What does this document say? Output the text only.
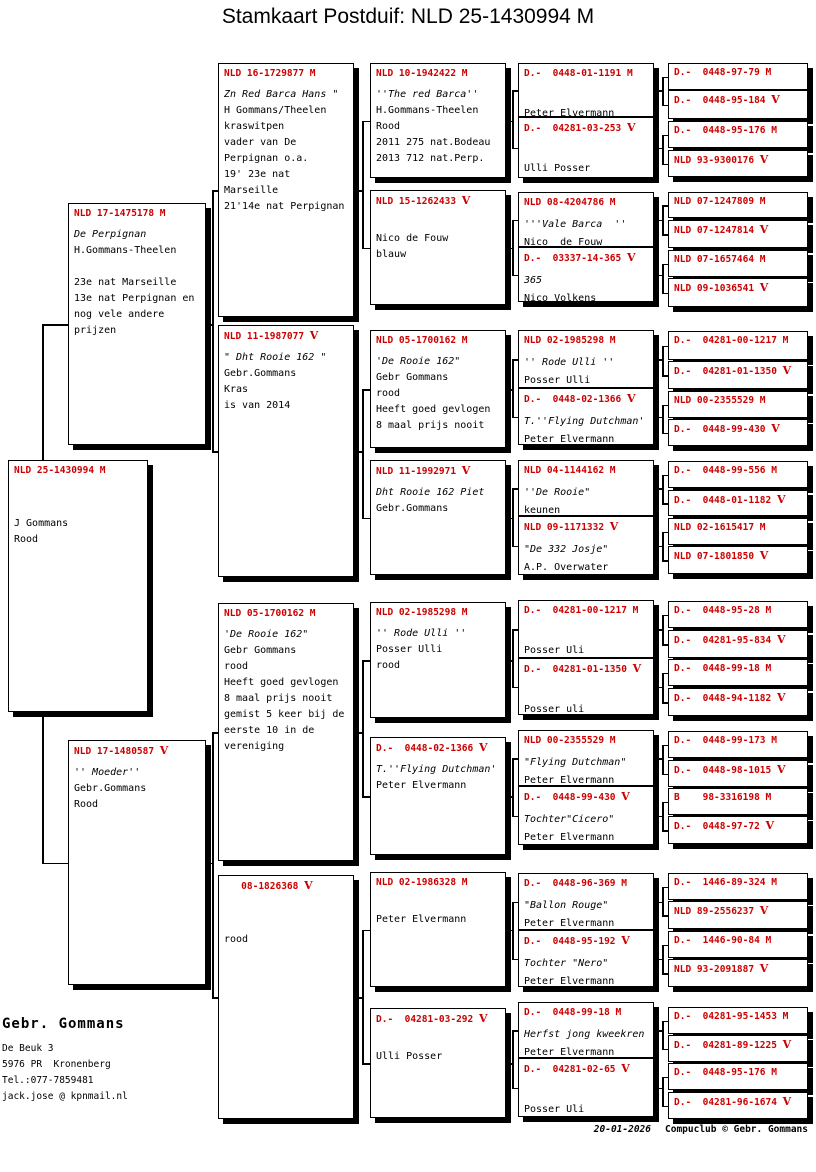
Stamkaart Postduif: NLD 25-1430994 M
NLD 25-1430994 M

J Gommans
Rood
NLD 17-1475178 M
De Perpignan
H.Gommans-Theelen

23e nat Marseille
13e nat Perpignan en
nog vele andere
prijzen
NLD 17-1480587 V
'' Moeder''
Gebr.Gommans
Rood
NLD 16-1729877 M
Zn Red Barca Hans "
H Gommans/Theelen
kraswitpen
vader van De
Perpignan o.a.
19' 23e nat
Marseille
21'14e nat Perpignan
NLD 11-1987077 V
" Dht Rooie 162 "
Gebr.Gommans
Kras
is van 2014
NLD 05-1700162 M
'De Rooie 162"
Gebr Gommans
rood
Heeft goed gevlogen
8 maal prijs nooit
gemist 5 keer bij de
eerste 10 in de
vereniging
08-1826368 V

rood
NLD 10-1942422 M
''The red Barca''
H.Gommans-Theelen
Rood
2011 275 nat.Bodeau
2013 712 nat.Perp.
NLD 15-1262433 V

Nico de Fouw
blauw
NLD 05-1700162 M
'De Rooie 162"
Gebr Gommans
rood
Heeft goed gevlogen
8 maal prijs nooit
NLD 11-1992971 V
Dht Rooie 162 Piet
Gebr.Gommans
NLD 02-1985298 M
'' Rode Ulli ''
Posser Ulli
rood
D.-  0448-02-1366 V
T.''Flying Dutchman'
Peter Elvermann
NLD 02-1986328 M

Peter Elvermann
D.-  04281-03-292 V

Ulli Posser
D.-  0448-01-1191 M

Peter Elvermann
D.-  04281-03-253 V

Ulli Posser
NLD 08-4204786 M
'''Vale Barca  ''
Nico  de Fouw
D.-  03337-14-365 V
365
Nico Volkens
NLD 02-1985298 M
'' Rode Ulli ''
Posser Ulli
D.-  0448-02-1366 V
T.''Flying Dutchman'
Peter Elvermann
NLD 04-1144162 M
''De Rooie"
keunen
NLD 09-1171332 V
"De 332 Josje"
A.P. Overwater
D.-  04281-00-1217 M

Posser Uli
D.-  04281-01-1350 V

Posser uli
NLD 00-2355529 M
"Flying Dutchman"
Peter Elvermann
D.-  0448-99-430 V
Tochter"Cicero"
Peter Elvermann
D.-  0448-96-369 M
"Ballon Rouge"
Peter Elvermann
D.-  0448-95-192 V
Tochter "Nero"
Peter Elvermann
D.-  0448-99-18 M
Herfst jong kweekren
Peter Elvermann
D.-  04281-02-65 V

Posser Uli
D.-  0448-97-79 M
D.-  0448-95-184 V
D.-  0448-95-176 M
NLD 93-9300176 V
NLD 07-1247809 M
NLD 07-1247814 V
NLD 07-1657464 M
NLD 09-1036541 V
D.-  04281-00-1217 M
D.-  04281-01-1350 V
NLD 00-2355529 M
D.-  0448-99-430 V
D.-  0448-99-556 M
D.-  0448-01-1182 V
NLD 02-1615417 M
NLD 07-1801850 V
D.-  0448-95-28 M
D.-  04281-95-834 V
D.-  0448-99-18 M
D.-  0448-94-1182 V
D.-  0448-99-173 M
D.-  0448-98-1015 V
B    98-3316198 M
D.-  0448-97-72 V
D.-  1446-89-324 M
NLD 89-2556237 V
D.-  1446-90-84 M
NLD 93-2091887 V
D.-  04281-95-1453 M
D.-  04281-89-1225 V
D.-  0448-95-176 M
D.-  04281-96-1674 V
Gebr. Gommans
De Beuk 3
5976 PR  Kronenberg
Tel.:077-7859481
jack.jose @ kpnmail.nl
20-01-2026 Compuclub © Gebr. Gommans
